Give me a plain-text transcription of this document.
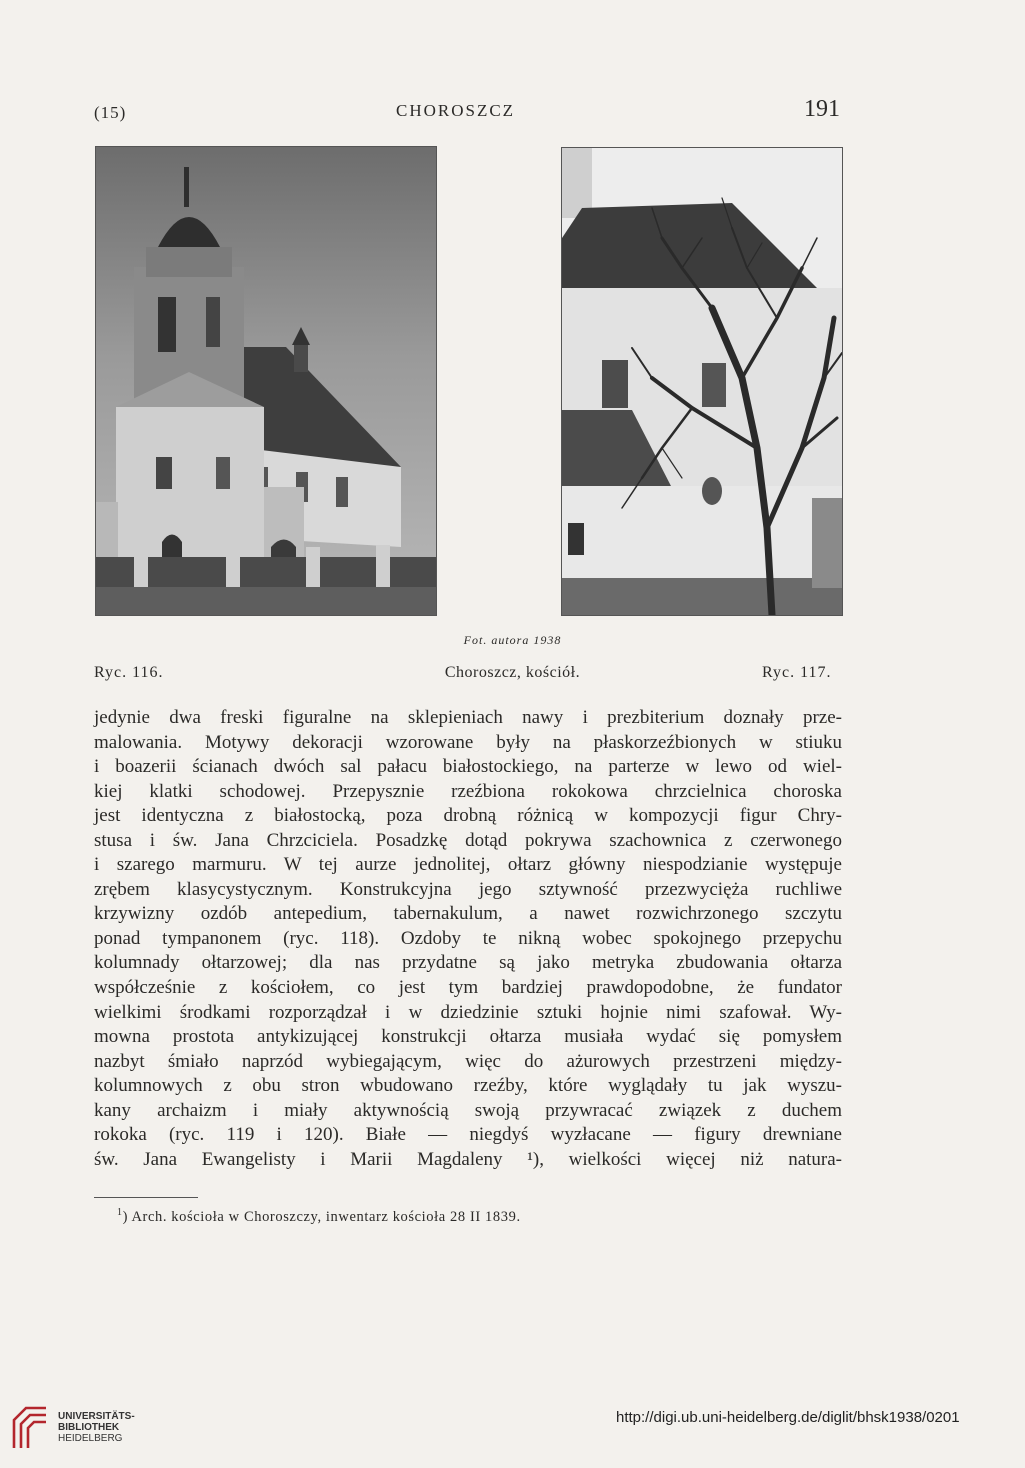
(15)	CHOROSZCZ	191
Fot. autora 1938
Ryc. 116.	Choroszcz, kościół.	Ryc. 117.
jedynie dwa freski figuralne na sklepieniach nawy i prezbiterium doznały prze-
malowania. Motywy dekoracji wzorowane były na płaskorzeźbionych w stiuku
i boazerii ścianach dwóch sal pałacu białostockiego, na parterze w lewo od wiel-
kiej klatki schodowej. Przepysznie rzeźbiona rokokowa chrzcielnica choroska
jest identyczna z białostocką, poza drobną różnicą w kompozycji figur Chry-
stusa i św. Jana Chrzciciela. Posadzkę dotąd pokrywa szachownica z czerwonego
i szarego marmuru. W tej aurze jednolitej, ołtarz główny niespodzianie występuje
zrębem klasycystycznym. Konstrukcyjna jego sztywność przezwycięża ruchliwe
krzywizny ozdób antepedium, tabernakulum, a nawet rozwichrzonego szczytu
ponad tympanonem (ryc. 118). Ozdoby te nikną wobec spokojnego przepychu
kolumnady ołtarzowej; dla nas przydatne są jako metryka zbudowania ołtarza
współcześnie z kościołem, co jest tym bardziej prawdopodobne, że fundator
wielkimi środkami rozporządzał i w dziedzinie sztuki hojnie nimi szafował. Wy-
mowna prostota antykizującej konstrukcji ołtarza musiała wydać się pomysłem
nazbyt śmiało naprzód wybiegającym, więc do ażurowych przestrzeni między-
kolumnowych z obu stron wbudowano rzeźby, które wyglądały tu jak wyszu-
kany archaizm i miały aktywnością swoją przywracać związek z duchem
rokoka (ryc. 119 i 120). Białe — niegdyś wyzłacane — figury drewniane
św. Jana Ewangelisty i Marii Magdaleny ¹), wielkości więcej niż natura-
$^1$) Arch. kościoła w Choroszczy, inwentarz kościoła 28 II 1839.
UNIVERSITÄTS-
BIBLIOTHEK
HEIDELBERG
http://digi.ub.uni-heidelberg.de/diglit/bhsk1938/0201
